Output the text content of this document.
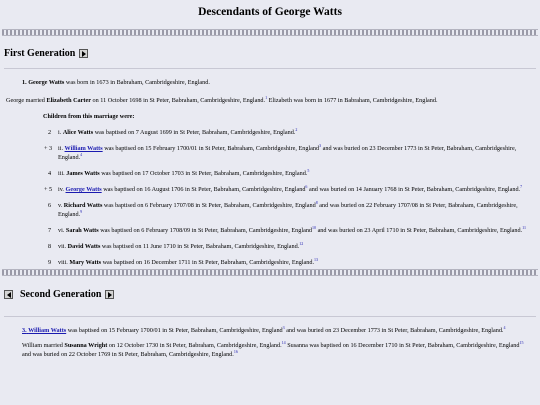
Descendants of George Watts
First Generation
1. George Watts was born in 1673 in Babraham, Cambridgeshire, England.
George married Elizabeth Carter on 11 October 1698 in St Peter, Babraham, Cambridgeshire, England.$^1$ Elizabeth was born in 1677 in Babraham, Cambridgeshire, England.
Children from this marriage were:
2 i. Alice Watts was baptised on 7 August 1699 in St Peter, Babraham, Cambridgeshire, England.$^2$
+ 3 ii. William Watts was baptised on 15 February 1700/01 in St Peter, Babraham, Cambridgeshire, England$^3$ and was buried on 23 December 1773 in St Peter, Babraham, Cambridgeshire, England.$^4$
4 iii. James Watts was baptised on 17 October 1703 in St Peter, Babraham, Cambridgeshire, England.$^5$
+ 5 iv. George Watts was baptised on 16 August 1706 in St Peter, Babraham, Cambridgeshire, England$^6$ and was buried on 14 January 1768 in St Peter, Babraham, Cambridgeshire, England.$^7$
6 v. Richard Watts was baptised on 6 February 1707/08 in St Peter, Babraham, Cambridgeshire, England$^8$ and was buried on 22 February 1707/08 in St Peter, Babraham, Cambridgeshire, England.$^9$
7 vi. Sarah Watts was baptised on 6 February 1708/09 in St Peter, Babraham, Cambridgeshire, England$^{10}$ and was buried on 23 April 1710 in St Peter, Babraham, Cambridgeshire, England.$^{11}$
8 vii. David Watts was baptised on 11 June 1710 in St Peter, Babraham, Cambridgeshire, England.$^{12}$
9 viii. Mary Watts was baptised on 16 December 1711 in St Peter, Babraham, Cambridgeshire, England.$^{13}$
Second Generation
3. William Watts was baptised on 15 February 1700/01 in St Peter, Babraham, Cambridgeshire, England$^3$ and was buried on 23 December 1773 in St Peter, Babraham, Cambridgeshire, England.$^4$
William married Susanna Wright on 12 October 1730 in St Peter, Babraham, Cambridgeshire, England.$^{14}$ Susanna was baptised on 16 December 1710 in St Peter, Babraham, Cambridgeshire, England$^{15}$ and was buried on 22 October 1769 in St Peter, Babraham, Cambridgeshire, England.$^{16}$
